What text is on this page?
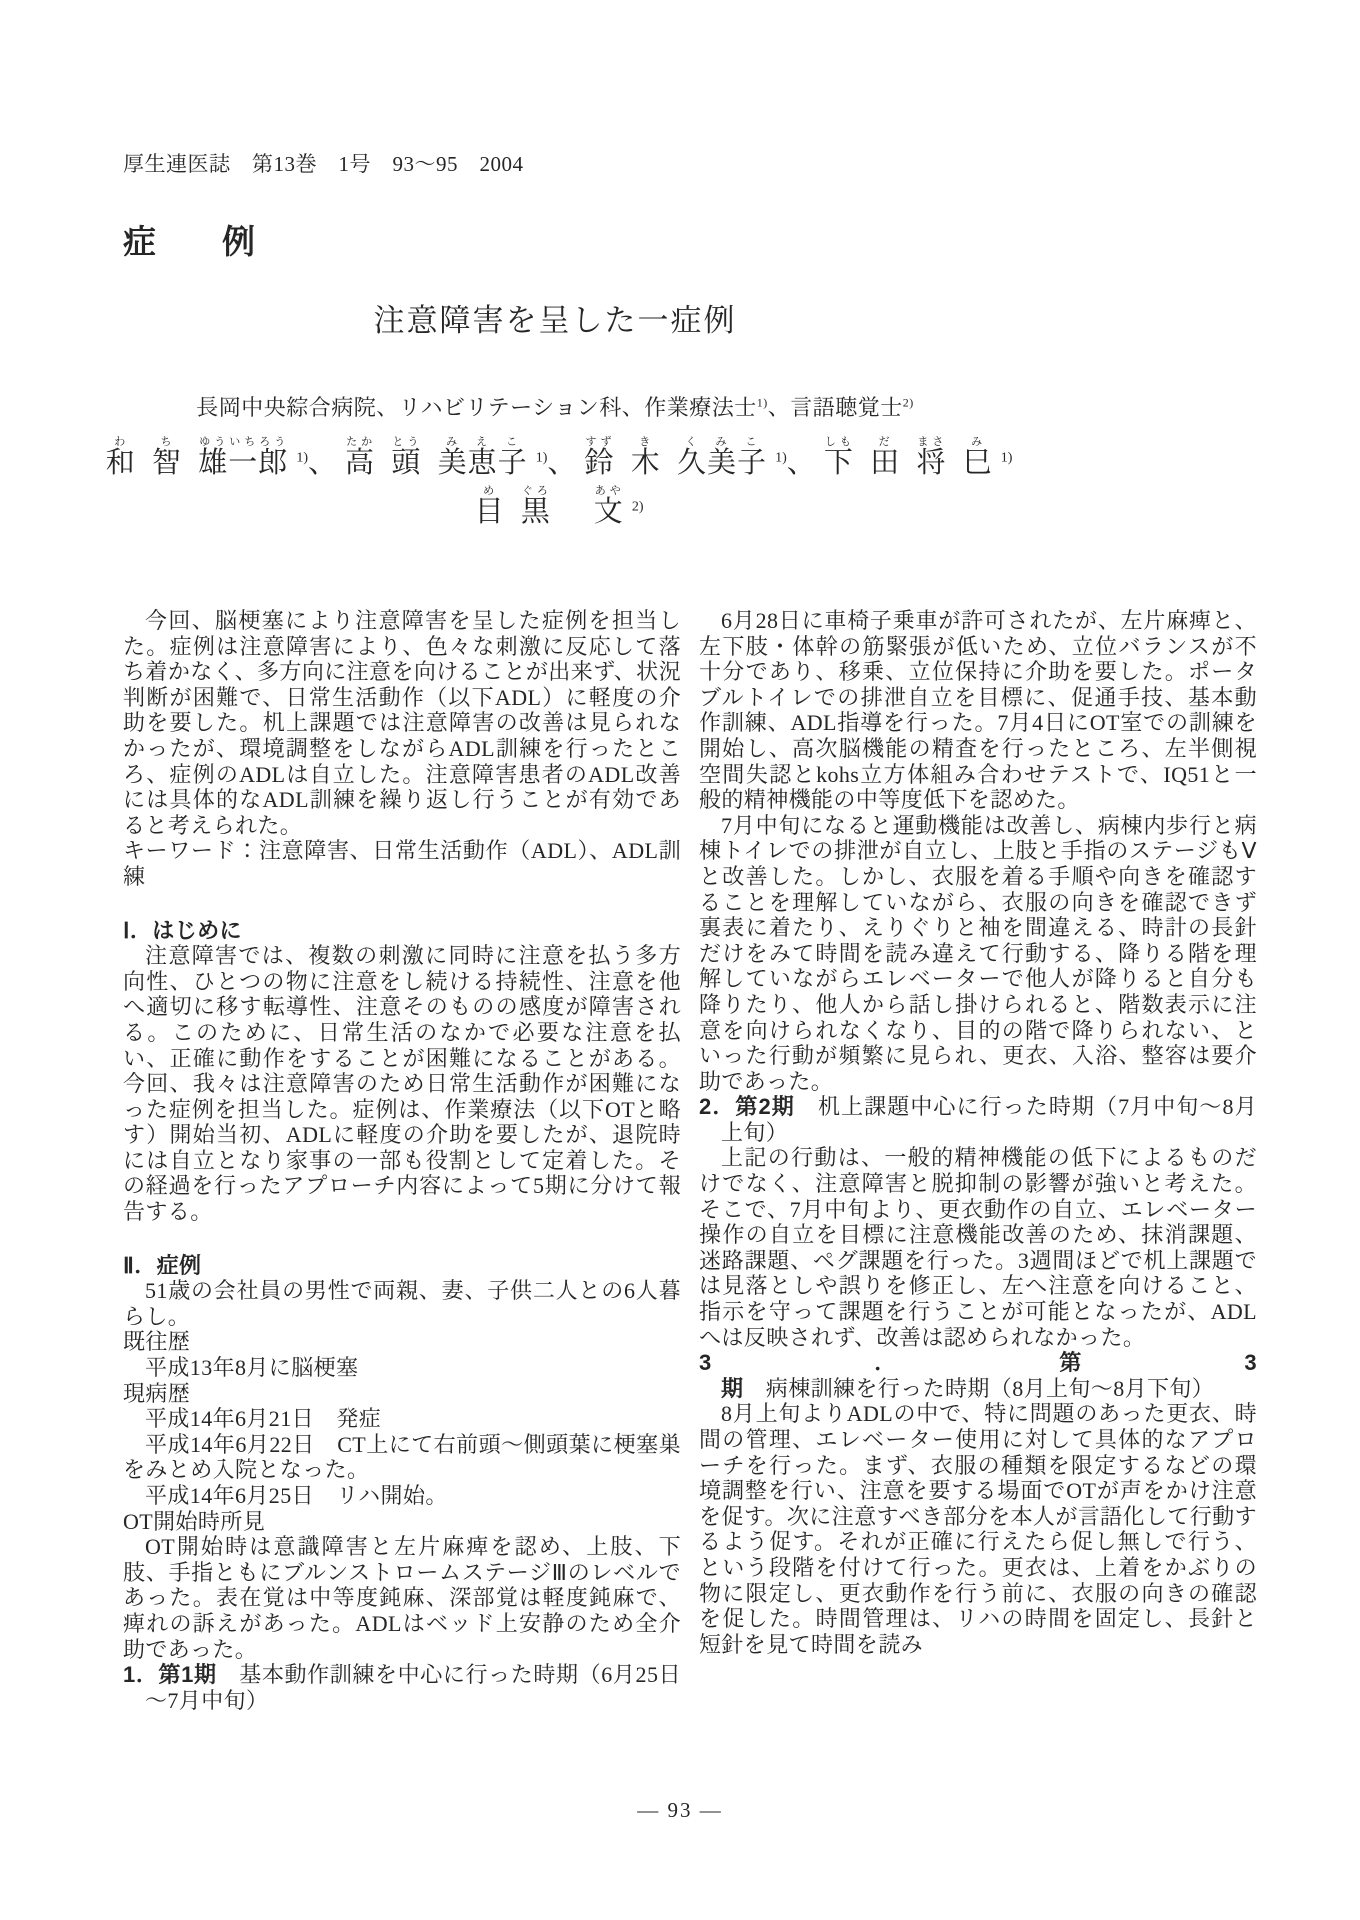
厚生連医誌　第13巻　1号　93～95　2004
症　　例
注意障害を呈した一症例
長岡中央綜合病院、リハビリテーション科、作業療法士$^{1)}$、言語聴覚士$^{2)}$
和わ智ち雄一郎ゆういちろう$^{1)}$、 高たか頭とう美恵子みえこ$^{1)}$、 鈴すず木き久美子くみこ$^{1)}$、 下しも田だ将まさ巳み$^{1)}$
目め黒ぐろ文あや$^{2)}$

今回、脳梗塞により注意障害を呈した症例を担当した。症例は注意障害により、色々な刺激に反応して落ち着かなく、多方向に注意を向けることが出来ず、状況判断が困難で、日常生活動作（以下ADL）に軽度の介助を要した。机上課題では注意障害の改善は見られなかったが、環境調整をしながらADL訓練を行ったところ、症例のADLは自立した。注意障害患者のADL改善には具体的なADL訓練を繰り返し行うことが有効であると考えられた。

キーワード：注意障害、日常生活動作（ADL）、ADL訓練

Ⅰ．はじめに

注意障害では、複数の刺激に同時に注意を払う多方向性、ひとつの物に注意をし続ける持続性、注意を他へ適切に移す転導性、注意そのものの感度が障害される。このために、日常生活のなかで必要な注意を払い、正確に動作をすることが困難になることがある。今回、我々は注意障害のため日常生活動作が困難になった症例を担当した。症例は、作業療法（以下OTと略す）開始当初、ADLに軽度の介助を要したが、退院時には自立となり家事の一部も役割として定着した。その経過を行ったアプローチ内容によって5期に分けて報告する。

Ⅱ．症例

51歳の会社員の男性で両親、妻、子供二人との6人暮らし。

既往歴

平成13年8月に脳梗塞

現病歴

平成14年6月21日　発症

平成14年6月22日　CT上にて右前頭～側頭葉に梗塞巣をみとめ入院となった。

平成14年6月25日　リハ開始。

OT開始時所見

OT開始時は意識障害と左片麻痺を認め、上肢、下肢、手指ともにブルンストロームステージⅢのレベルであった。表在覚は中等度鈍麻、深部覚は軽度鈍麻で、痺れの訴えがあった。ADLはベッド上安静のため全介助であった。

1．第1期　基本動作訓練を中心に行った時期（6月25日～7月中旬）

6月28日に車椅子乗車が許可されたが、左片麻痺と、左下肢・体幹の筋緊張が低いため、立位バランスが不十分であり、移乗、立位保持に介助を要した。ポータブルトイレでの排泄自立を目標に、促通手技、基本動作訓練、ADL指導を行った。7月4日にOT室での訓練を開始し、高次脳機能の精査を行ったところ、左半側視空間失認とkohs立方体組み合わせテストで、IQ51と一般的精神機能の中等度低下を認めた。

7月中旬になると運動機能は改善し、病棟内歩行と病棟トイレでの排泄が自立し、上肢と手指のステージもⅤと改善した。しかし、衣服を着る手順や向きを確認することを理解していながら、衣服の向きを確認できず裏表に着たり、えりぐりと袖を間違える、時計の長針だけをみて時間を読み違えて行動する、降りる階を理解していながらエレベーターで他人が降りると自分も降りたり、他人から話し掛けられると、階数表示に注意を向けられなくなり、目的の階で降りられない、といった行動が頻繁に見られ、更衣、入浴、整容は要介助であった。

2．第2期　机上課題中心に行った時期（7月中旬～8月上旬）

上記の行動は、一般的精神機能の低下によるものだけでなく、注意障害と脱抑制の影響が強いと考えた。そこで、7月中旬より、更衣動作の自立、エレベーター操作の自立を目標に注意機能改善のため、抹消課題、迷路課題、ペグ課題を行った。3週間ほどで机上課題では見落としや誤りを修正し、左へ注意を向けること、指示を守って課題を行うことが可能となったが、ADLへは反映されず、改善は認められなかった。

3．第3期　病棟訓練を行った時期（8月上旬～8月下旬）

8月上旬よりADLの中で、特に問題のあった更衣、時間の管理、エレベーター使用に対して具体的なアプローチを行った。まず、衣服の種類を限定するなどの環境調整を行い、注意を要する場面でOTが声をかけ注意を促す。次に注意すべき部分を本人が言語化して行動するよう促す。それが正確に行えたら促し無しで行う、という段階を付けて行った。更衣は、上着をかぶりの物に限定し、更衣動作を行う前に、衣服の向きの確認を促した。時間管理は、リハの時間を固定し、長針と短針を見て時間を読み

— 93 —
